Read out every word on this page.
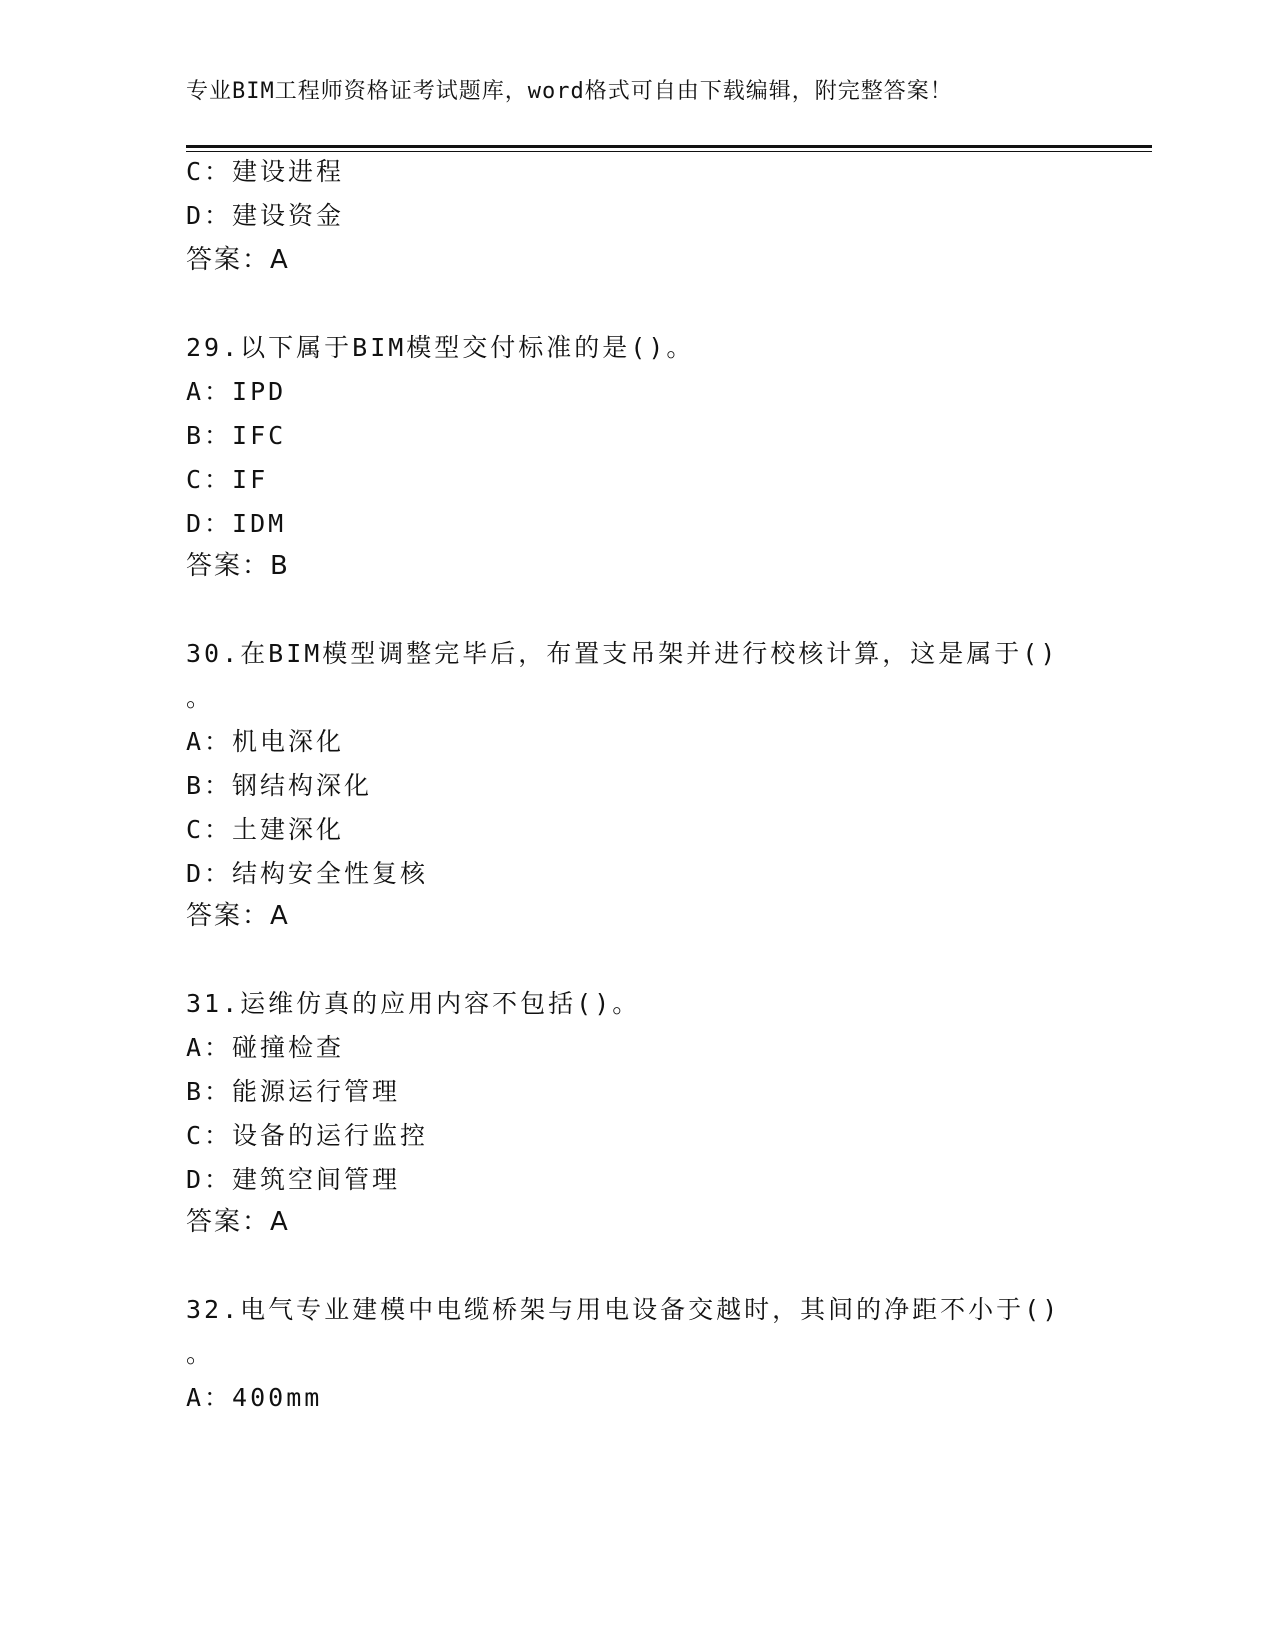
专业BIM工程师资格证考试题库，word格式可自由下载编辑，附完整答案！
C：建设进程
D：建设资金
答案：A
29.以下属于BIM模型交付标准的是()。
A：IPD
B：IFC
C：IF
D：IDM
答案：B
30.在BIM模型调整完毕后，布置支吊架并进行校核计算，这是属于()
。
A：机电深化
B：钢结构深化
C：土建深化
D：结构安全性复核
答案：A
31.运维仿真的应用内容不包括()。
A：碰撞检查
B：能源运行管理
C：设备的运行监控
D：建筑空间管理
答案：A
32.电气专业建模中电缆桥架与用电设备交越时，其间的净距不小于()
。
A：400mm
